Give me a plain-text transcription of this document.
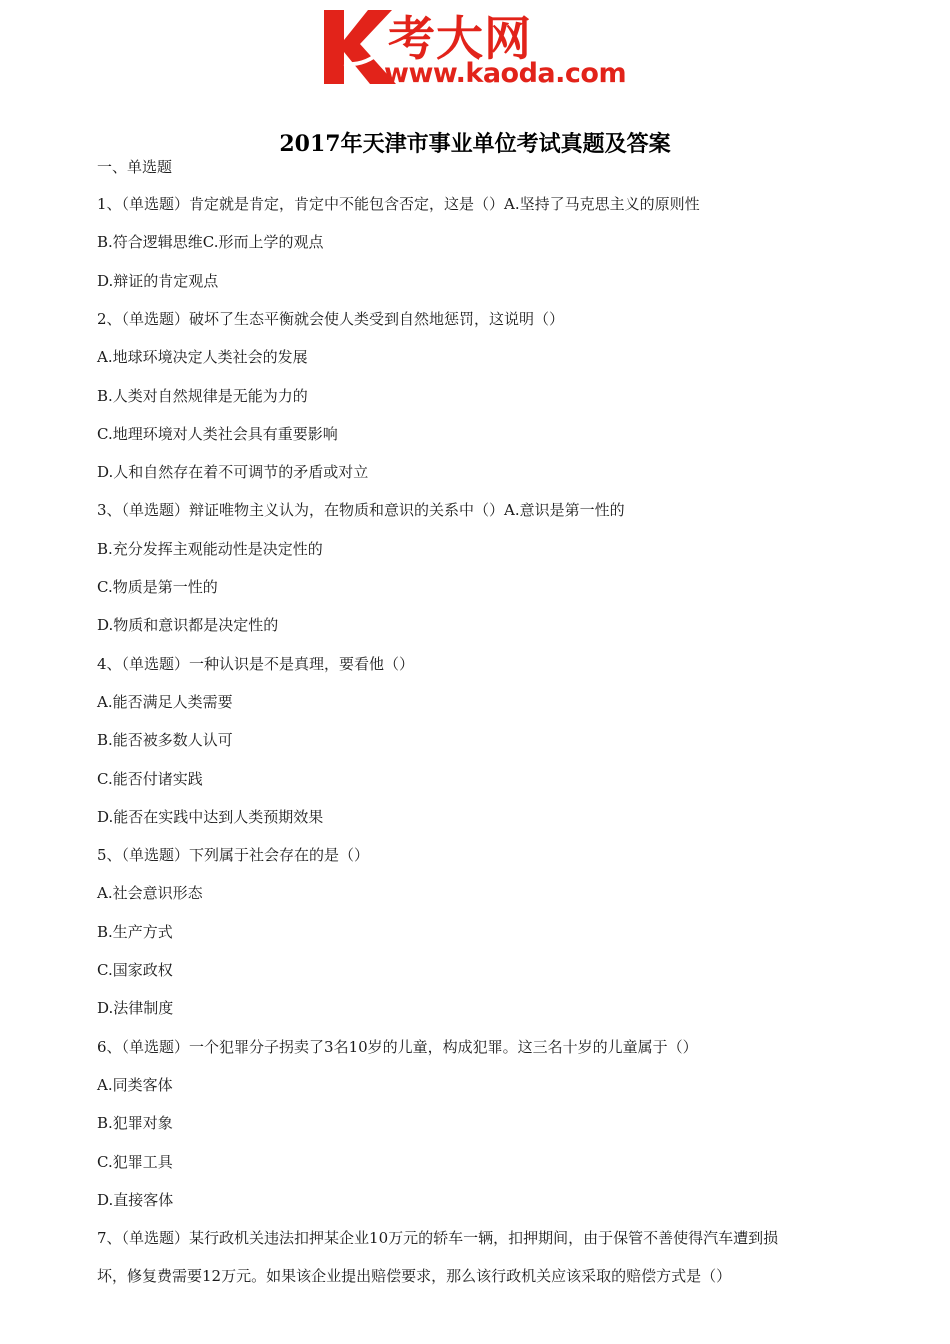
考大网
www.kaoda.com
2017年天津市事业单位考试真题及答案
一、单选题
1、（单选题）肯定就是肯定，肯定中不能包含否定，这是（）A.坚持了马克思主义的原则性
B.符合逻辑思维C.形而上学的观点
D.辩证的肯定观点
2、（单选题）破坏了生态平衡就会使人类受到自然地惩罚，这说明（）
A.地球环境决定人类社会的发展
B.人类对自然规律是无能为力的
C.地理环境对人类社会具有重要影响
D.人和自然存在着不可调节的矛盾或对立
3、（单选题）辩证唯物主义认为，在物质和意识的关系中（）A.意识是第一性的
B.充分发挥主观能动性是决定性的
C.物质是第一性的
D.物质和意识都是决定性的
4、（单选题）一种认识是不是真理，要看他（）
A.能否满足人类需要
B.能否被多数人认可
C.能否付诸实践
D.能否在实践中达到人类预期效果
5、（单选题）下列属于社会存在的是（）
A.社会意识形态
B.生产方式
C.国家政权
D.法律制度
6、（单选题）一个犯罪分子拐卖了3名10岁的儿童，构成犯罪。这三名十岁的儿童属于（）
A.同类客体
B.犯罪对象
C.犯罪工具
D.直接客体
7、（单选题）某行政机关违法扣押某企业10万元的轿车一辆，扣押期间，由于保管不善使得汽车遭到损
坏，修复费需要12万元。如果该企业提出赔偿要求，那么该行政机关应该采取的赔偿方式是（）
